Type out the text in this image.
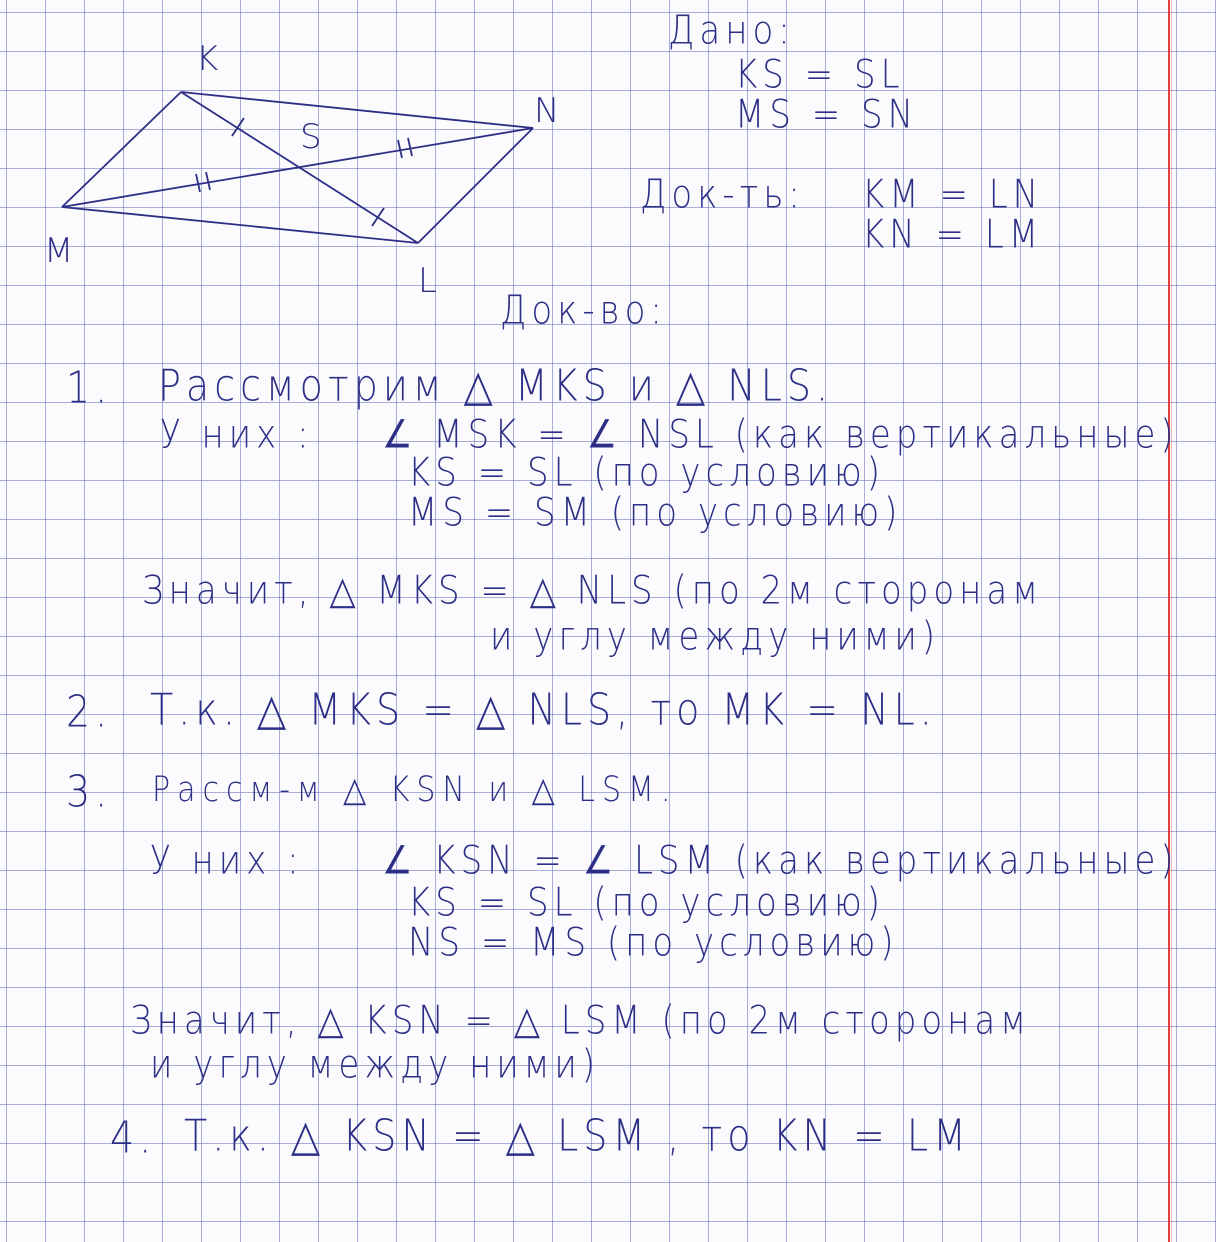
K
S
N
M
L
Дано:
KS = SL
MS = SN
Док-ть: KM = LN
KN = LM
Док-во:
1. Рассмотрим △ MKS и △ NLS.
У них : ∠ MSK = ∠ NSL (как вертикальные)
KS = SL (по условию)
MS = SM (по условию)
Значит, △ MKS = △ NLS (по 2м сторонам
и углу между ними)
2. Т.к. △ MKS = △ NLS, то MK = NL.
3. Рассм-м △ KSN и △ LSM.
У них : ∠ KSN = ∠ LSM (как вертикальные)
KS = SL (по условию)
NS = MS (по условию)
Значит, △ KSN = △ LSM (по 2м сторонам
и углу между ними)
4. Т.к. △ KSN = △ LSM , то KN = LM
